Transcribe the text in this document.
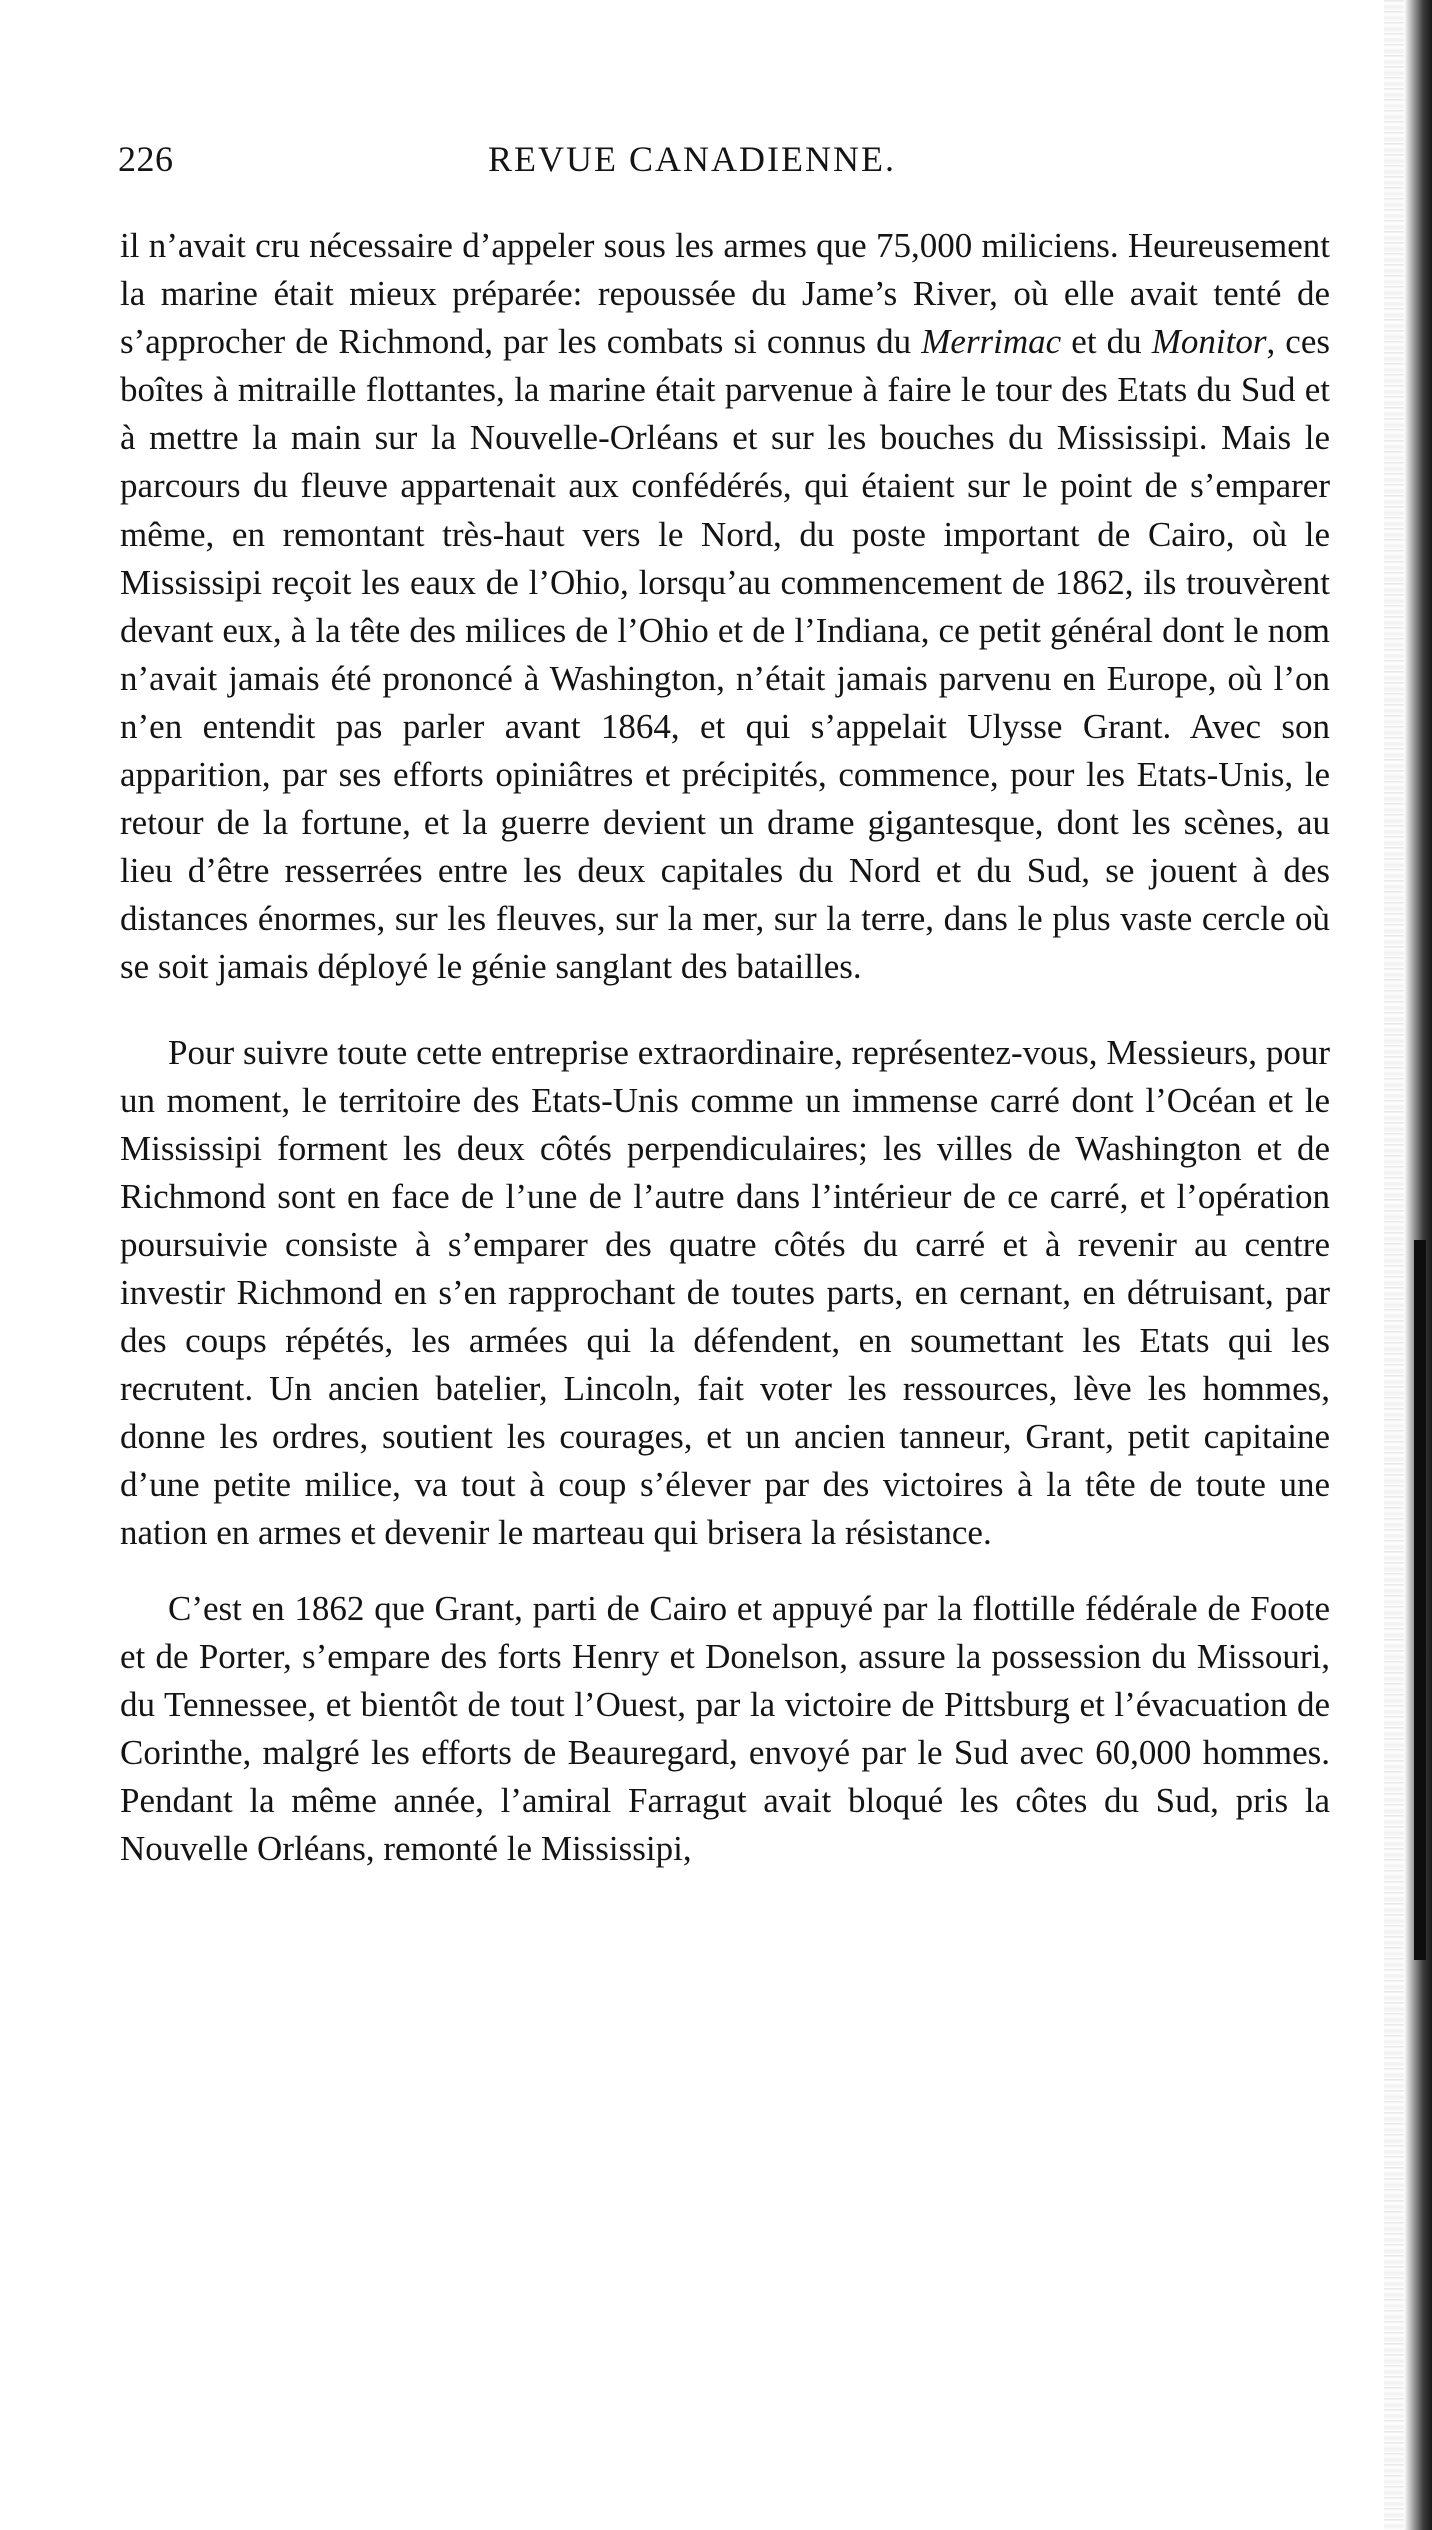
226	REVUE CANADIENNE.

il n’avait cru nécessaire d’appeler sous les armes que 75,000 miliciens. Heureusement la marine était mieux préparée: repoussée du Jame’s River, où elle avait tenté de s’approcher de Richmond, par les combats si connus du Merrimac et du Monitor, ces boîtes à mitraille flottantes, la marine était parvenue à faire le tour des Etats du Sud et à mettre la main sur la Nouvelle-Orléans et sur les bouches du Mississipi. Mais le parcours du fleuve appartenait aux confédérés, qui étaient sur le point de s’emparer même, en remontant très-haut vers le Nord, du poste important de Cairo, où le Mississipi reçoit les eaux de l’Ohio, lorsqu’au commencement de 1862, ils trouvèrent devant eux, à la tête des milices de l’Ohio et de l’Indiana, ce petit général dont le nom n’avait jamais été prononcé à Washington, n’était jamais parvenu en Europe, où l’on n’en entendit pas parler avant 1864, et qui s’appelait Ulysse Grant. Avec son apparition, par ses efforts opiniâtres et précipités, commence, pour les Etats-Unis, le retour de la fortune, et la guerre devient un drame gigantesque, dont les scènes, au lieu d’être resserrées entre les deux capitales du Nord et du Sud, se jouent à des distances énormes, sur les fleuves, sur la mer, sur la terre, dans le plus vaste cercle où se soit jamais déployé le génie sanglant des batailles.

Pour suivre toute cette entreprise extraordinaire, représentez-vous, Messieurs, pour un moment, le territoire des Etats-Unis comme un immense carré dont l’Océan et le Mississipi forment les deux côtés perpendiculaires; les villes de Washington et de Richmond sont en face de l’une de l’autre dans l’intérieur de ce carré, et l’opération poursuivie consiste à s’emparer des quatre côtés du carré et à revenir au centre investir Richmond en s’en rapprochant de toutes parts, en cernant, en détruisant, par des coups répétés, les armées qui la défendent, en soumettant les Etats qui les recrutent. Un ancien batelier, Lincoln, fait voter les ressources, lève les hommes, donne les ordres, soutient les courages, et un ancien tanneur, Grant, petit capitaine d’une petite milice, va tout à coup s’élever par des victoires à la tête de toute une nation en armes et devenir le marteau qui brisera la résistance.

C’est en 1862 que Grant, parti de Cairo et appuyé par la flottille fédérale de Foote et de Porter, s’empare des forts Henry et Donelson, assure la possession du Missouri, du Tennessee, et bientôt de tout l’Ouest, par la victoire de Pittsburg et l’évacuation de Corinthe, malgré les efforts de Beauregard, envoyé par le Sud avec 60,000 hommes. Pendant la même année, l’amiral Farragut avait bloqué les côtes du Sud, pris la Nouvelle Orléans, remonté le Mississipi,
